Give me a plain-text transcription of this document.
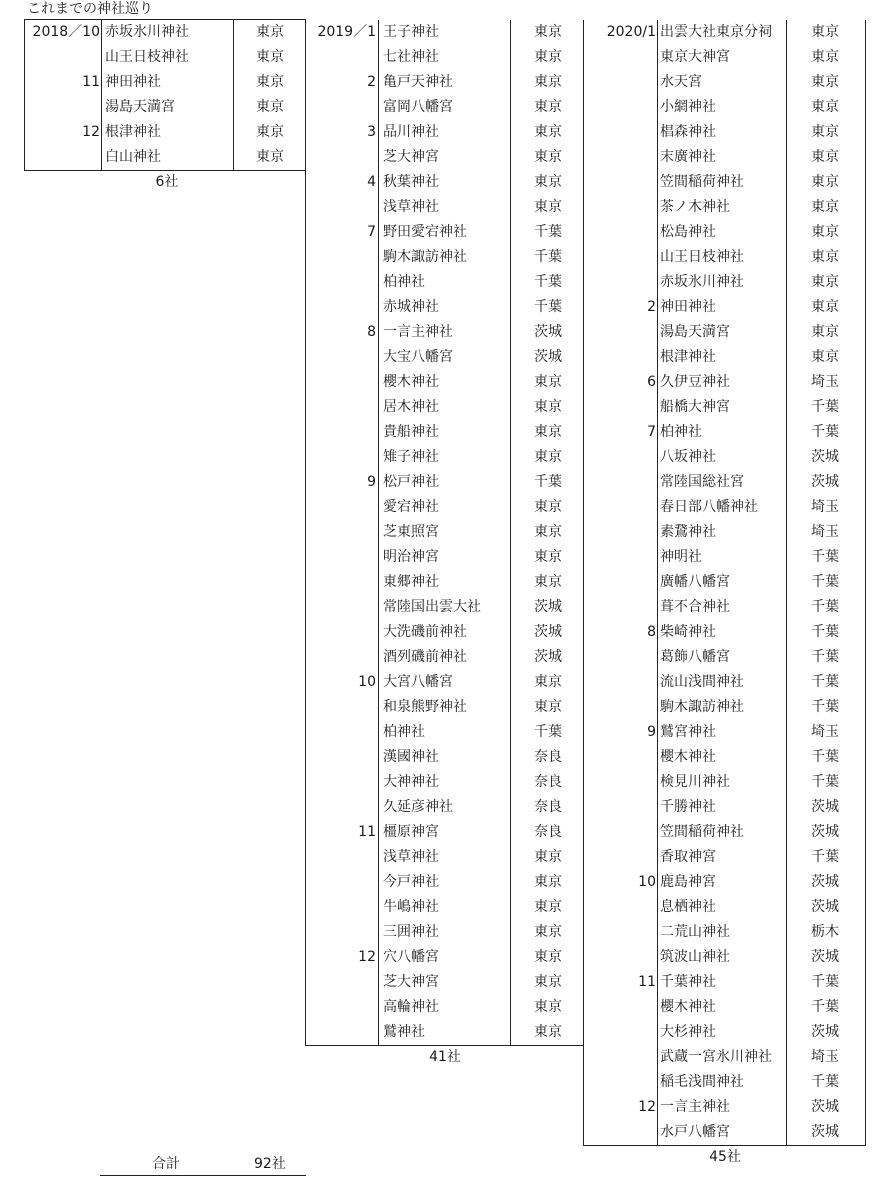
これまでの神社巡り
2018／10 赤坂氷川神社	東京
山王日枝神社	東京
11 神田神社	東京
湯島天満宮	東京
12 根津神社	東京
白山神社	東京
6社
2019／1 王子神社	東京
七社神社	東京
2 亀戸天神社	東京
富岡八幡宮	東京
3 品川神社	東京
芝大神宮	東京
4 秋葉神社	東京
浅草神社	東京
7 野田愛宕神社	千葉
駒木諏訪神社	千葉
柏神社	千葉
赤城神社	千葉
8 一言主神社	茨城
大宝八幡宮	茨城
櫻木神社	東京
居木神社	東京
貴船神社	東京
雉子神社	東京
9 松戸神社	千葉
愛宕神社	東京
芝東照宮	東京
明治神宮	東京
東郷神社	東京
常陸国出雲大社	茨城
大洗磯前神社	茨城
酒列磯前神社	茨城
10 大宮八幡宮	東京
和泉熊野神社	東京
柏神社	千葉
漢國神社	奈良
大神神社	奈良
久延彦神社	奈良
11 橿原神宮	奈良
浅草神社	東京
今戸神社	東京
牛嶋神社	東京
三囲神社	東京
12 穴八幡宮	東京
芝大神宮	東京
高輪神社	東京
鷲神社	東京
41社
2020/1 出雲大社東京分祠	東京
東京大神宮	東京
水天宮	東京
小網神社	東京
椙森神社	東京
末廣神社	東京
笠間稲荷神社	東京
茶ノ木神社	東京
松島神社	東京
山王日枝神社	東京
赤坂氷川神社	東京
2 神田神社	東京
湯島天満宮	東京
根津神社	東京
6 久伊豆神社	埼玉
船橋大神宮	千葉
7 柏神社	千葉
八坂神社	茨城
常陸国総社宮	茨城
春日部八幡神社	埼玉
素鵞神社	埼玉
神明社	千葉
廣幡八幡宮	千葉
葺不合神社	千葉
8 柴崎神社	千葉
葛飾八幡宮	千葉
流山浅間神社	千葉
駒木諏訪神社	千葉
9 鷲宮神社	埼玉
櫻木神社	千葉
検見川神社	千葉
千勝神社	茨城
笠間稲荷神社	茨城
香取神宮	千葉
10 鹿島神宮	茨城
息栖神社	茨城
二荒山神社	栃木
筑波山神社	茨城
11 千葉神社	千葉
櫻木神社	千葉
大杉神社	茨城
武蔵一宮氷川神社	埼玉
稲毛浅間神社	千葉
12 一言主神社	茨城
水戸八幡宮	茨城
45社
合計	92社
